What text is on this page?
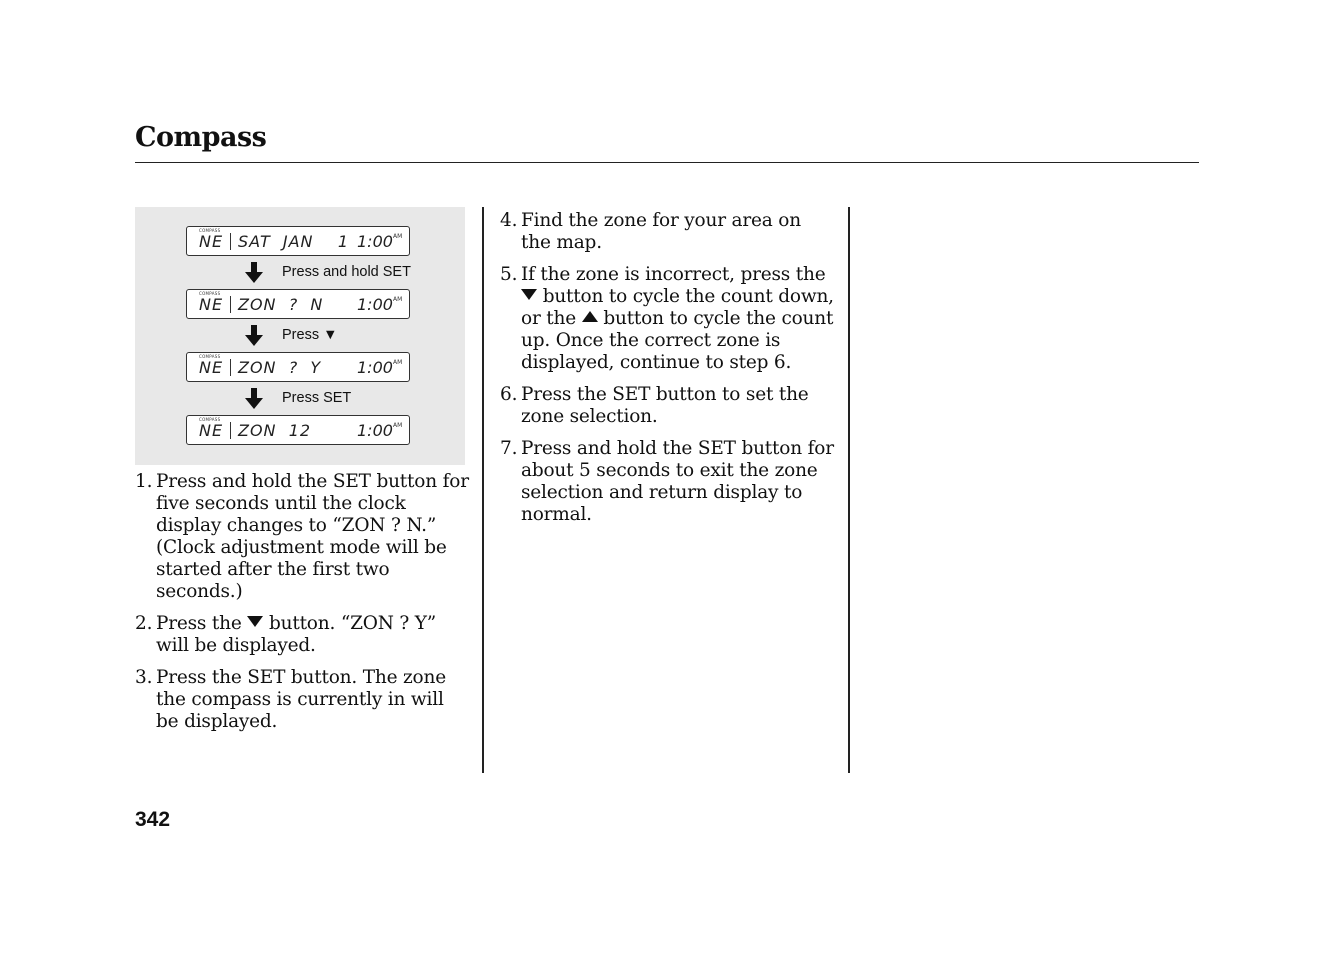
Compass
COMPASS
NE SAT  JAN    1 1:00 AM
Press and hold SET
COMPASS
NE ZON  ?  N 1:00 AM
Press ▼
COMPASS
NE ZON  ?  Y 1:00 AM
Press SET
COMPASS
NE ZON  12	1:00 AM
1. Press and hold the SET button for five seconds until the clock display changes to “ZON ? N.” (Clock adjustment mode will be started after the first two seconds.)
2. Press the button. “ZON ? Y” will be displayed.
3. Press the SET button. The zone the compass is currently in will be displayed.
4. Find the zone for your area on the map.
5. If the zone is incorrect, press the  button to cycle the count down, or the button to cycle the count up. Once the correct zone is displayed, continue to step 6.
6. Press the SET button to set the zone selection.
7. Press and hold the SET button for about 5 seconds to exit the zone selection and return display to normal.
342
